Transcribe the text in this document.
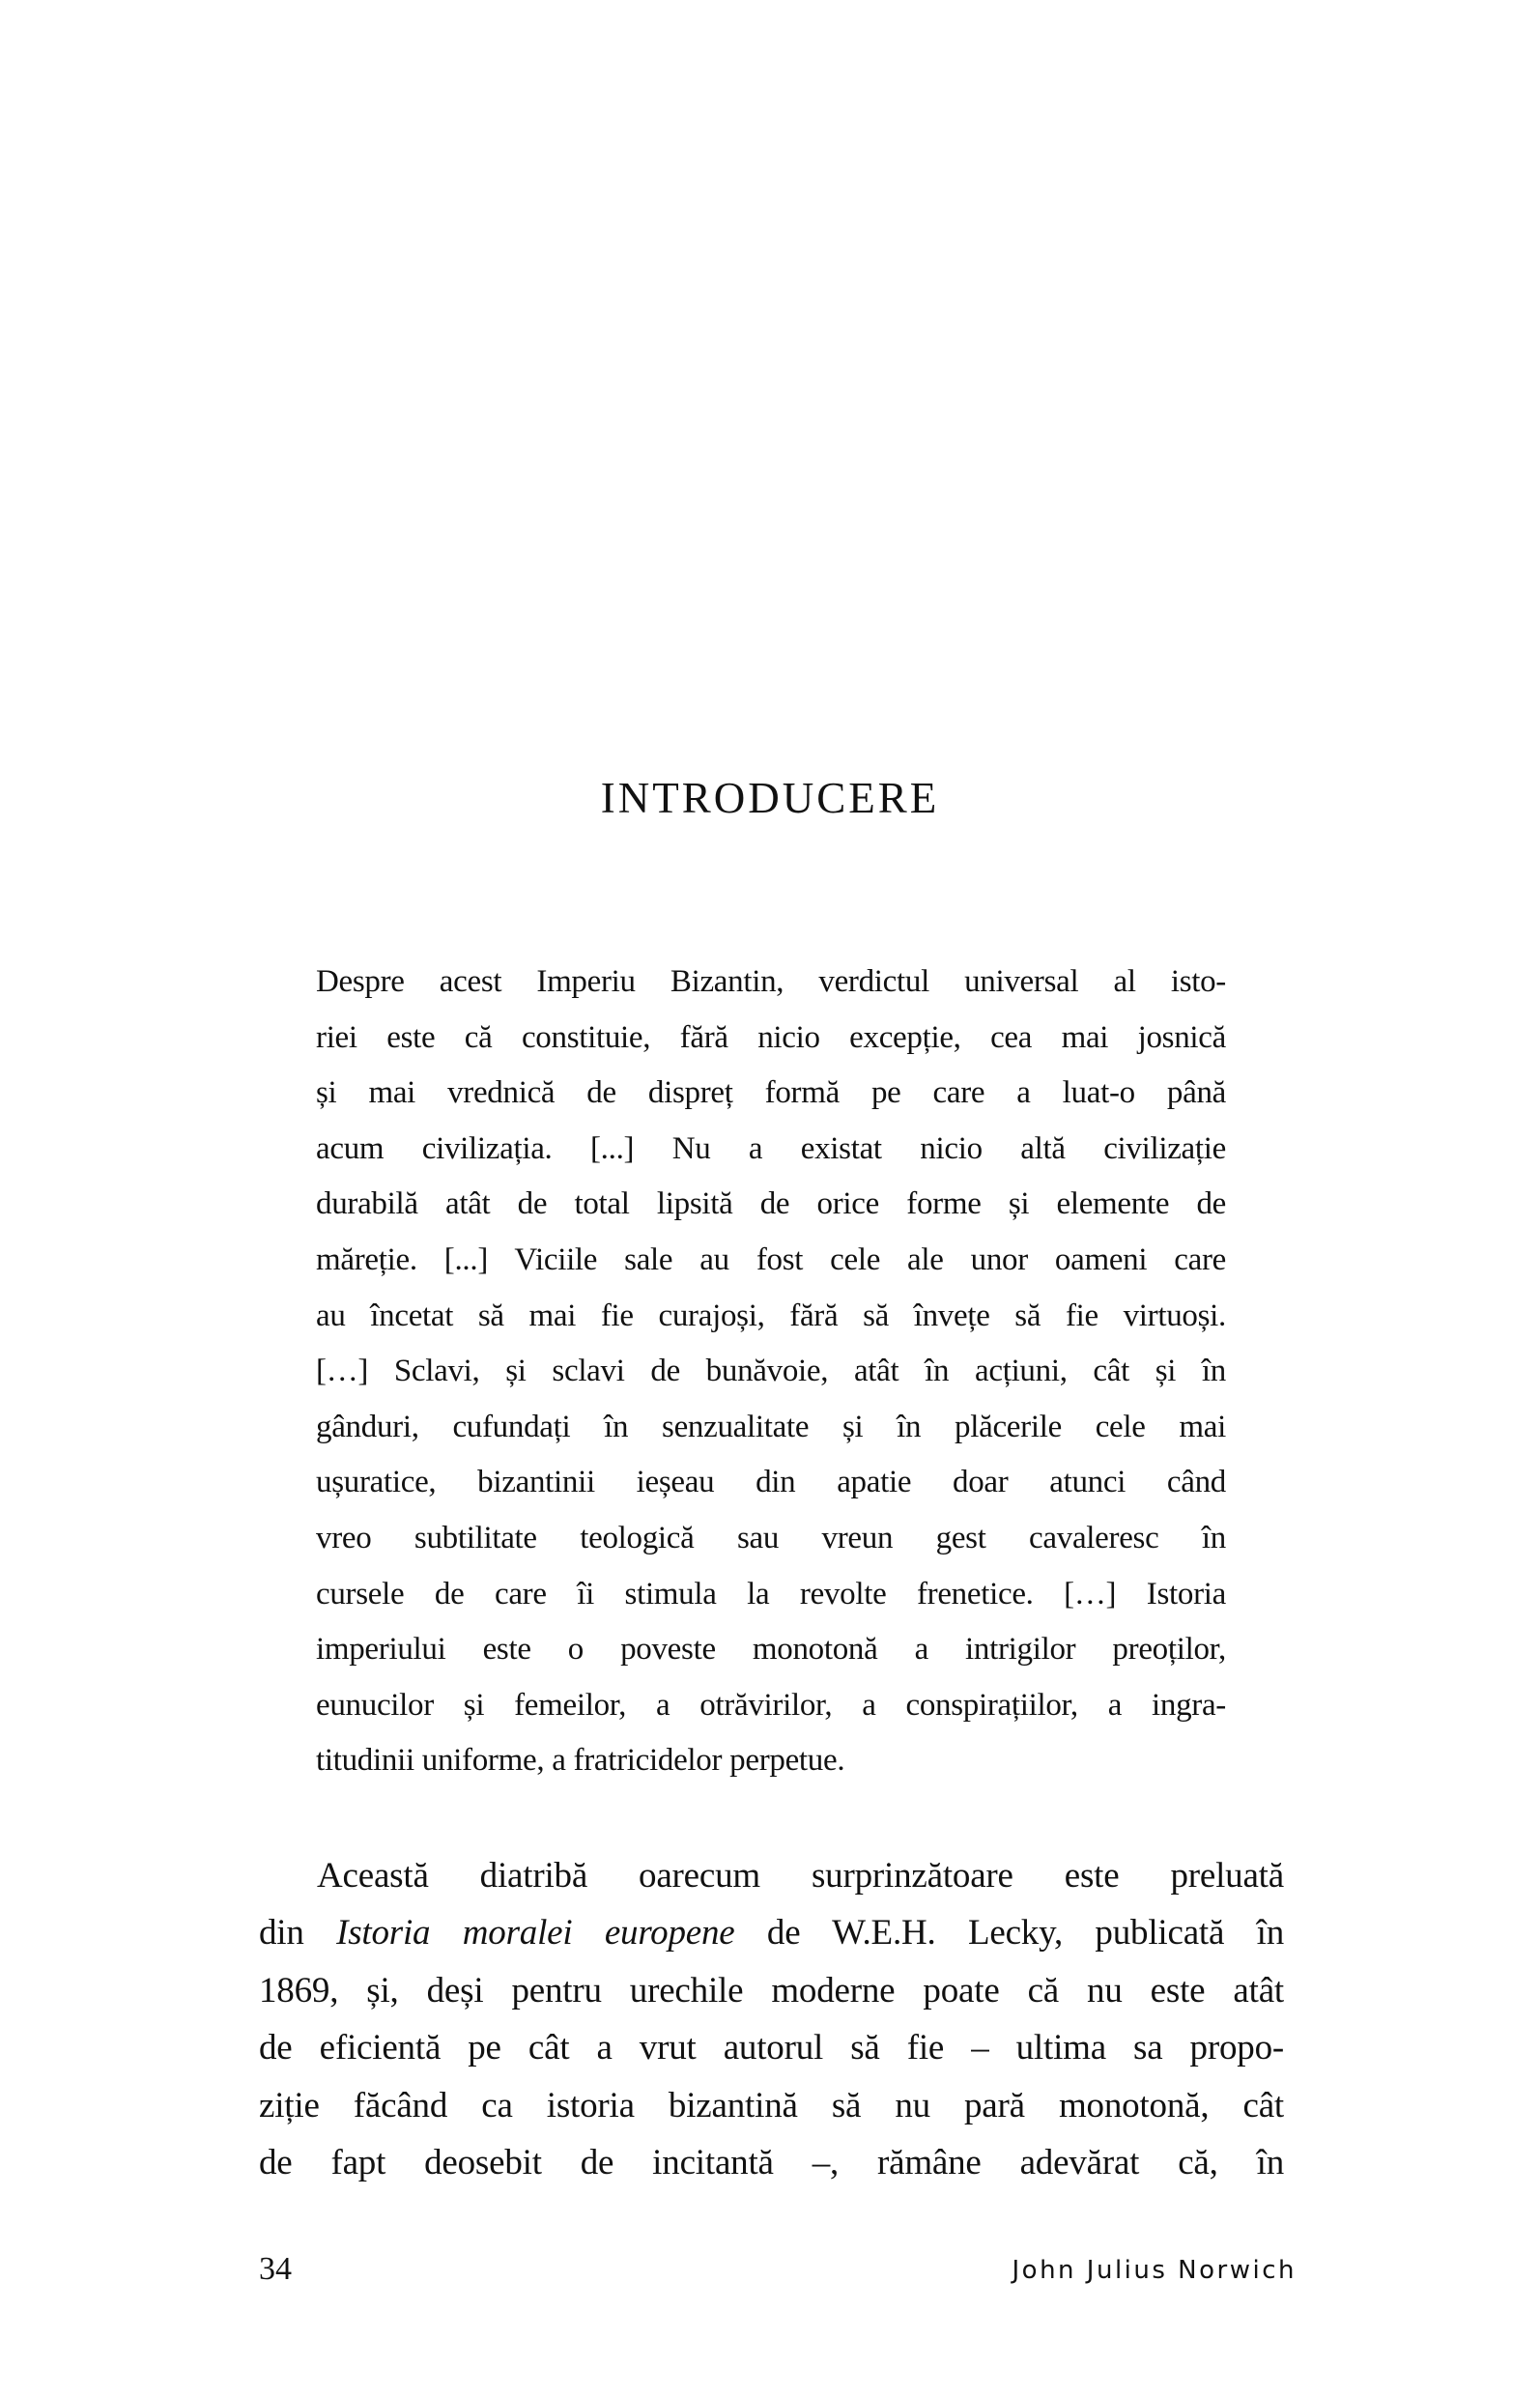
INTRODUCERE
Despre acest Imperiu Bizantin, verdictul universal al isto-
riei este că constituie, fără nicio excepție, cea mai josnică
și mai vrednică de dispreț formă pe care a luat-o până
acum civilizația. [...] Nu a existat nicio altă civilizație
durabilă atât de total lipsită de orice forme și elemente de
măreție. [...] Viciile sale au fost cele ale unor oameni care
au încetat să mai fie curajoși, fără să învețe să fie virtuoși.
[…] Sclavi, și sclavi de bunăvoie, atât în acțiuni, cât și în
gânduri, cufundați în senzualitate și în plăcerile cele mai
ușuratice, bizantinii ieșeau din apatie doar atunci când
vreo subtilitate teologică sau vreun gest cavaleresc în
cursele de care îi stimula la revolte frenetice. […] Istoria
imperiului este o poveste monotonă a intrigilor preoților,
eunucilor și femeilor, a otrăvirilor, a conspirațiilor, a ingra-
titudinii uniforme, a fratricidelor perpetue.
Această diatribă oarecum surprinzătoare este preluată
din Istoria moralei europene de W.E.H. Lecky, publicată în
1869, și, deși pentru urechile moderne poate că nu este atât
de eficientă pe cât a vrut autorul să fie – ultima sa propo-
ziție făcând ca istoria bizantină să nu pară monotonă, cât
de fapt deosebit de incitantă –, rămâne adevărat că, în
34	John Julius Norwich
